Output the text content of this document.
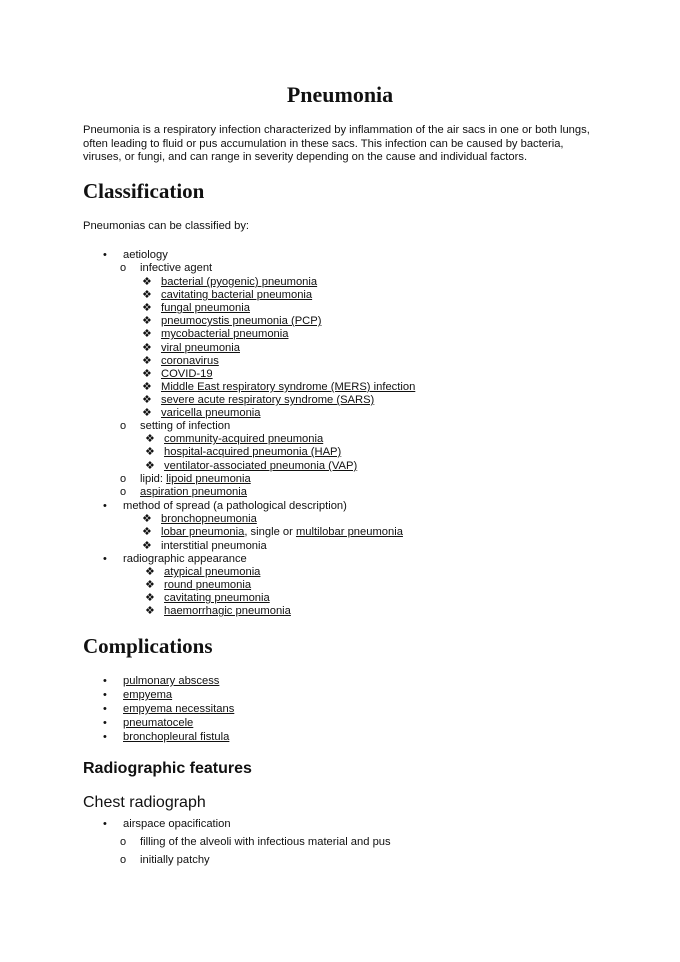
Pneumonia
Pneumonia is a respiratory infection characterized by inflammation of the air sacs in one or both lungs, often leading to fluid or pus accumulation in these sacs. This infection can be caused by bacteria, viruses, or fungi, and can range in severity depending on the cause and individual factors.
Classification
Pneumonias can be classified by:
• aetiology
o infective agent
❖ bacterial (pyogenic) pneumonia
❖ cavitating bacterial pneumonia
❖ fungal pneumonia
❖ pneumocystis pneumonia (PCP)
❖ mycobacterial pneumonia
❖ viral pneumonia
❖ coronavirus
❖ COVID-19
❖ Middle East respiratory syndrome (MERS) infection
❖ severe acute respiratory syndrome (SARS)
❖ varicella pneumonia
o setting of infection
❖ community-acquired pneumonia
❖ hospital-acquired pneumonia (HAP)
❖ ventilator-associated pneumonia (VAP)
o lipid: lipoid pneumonia
o aspiration pneumonia
• method of spread (a pathological description)
❖ bronchopneumonia
❖ lobar pneumonia, single or multilobar pneumonia
❖ interstitial pneumonia
• radiographic appearance
❖ atypical pneumonia
❖ round pneumonia
❖ cavitating pneumonia
❖ haemorrhagic pneumonia
Complications
• pulmonary abscess
• empyema
• empyema necessitans
• pneumatocele
• bronchopleural fistula
Radiographic features
Chest radiograph
• airspace opacification
o filling of the alveoli with infectious material and pus
o initially patchy
